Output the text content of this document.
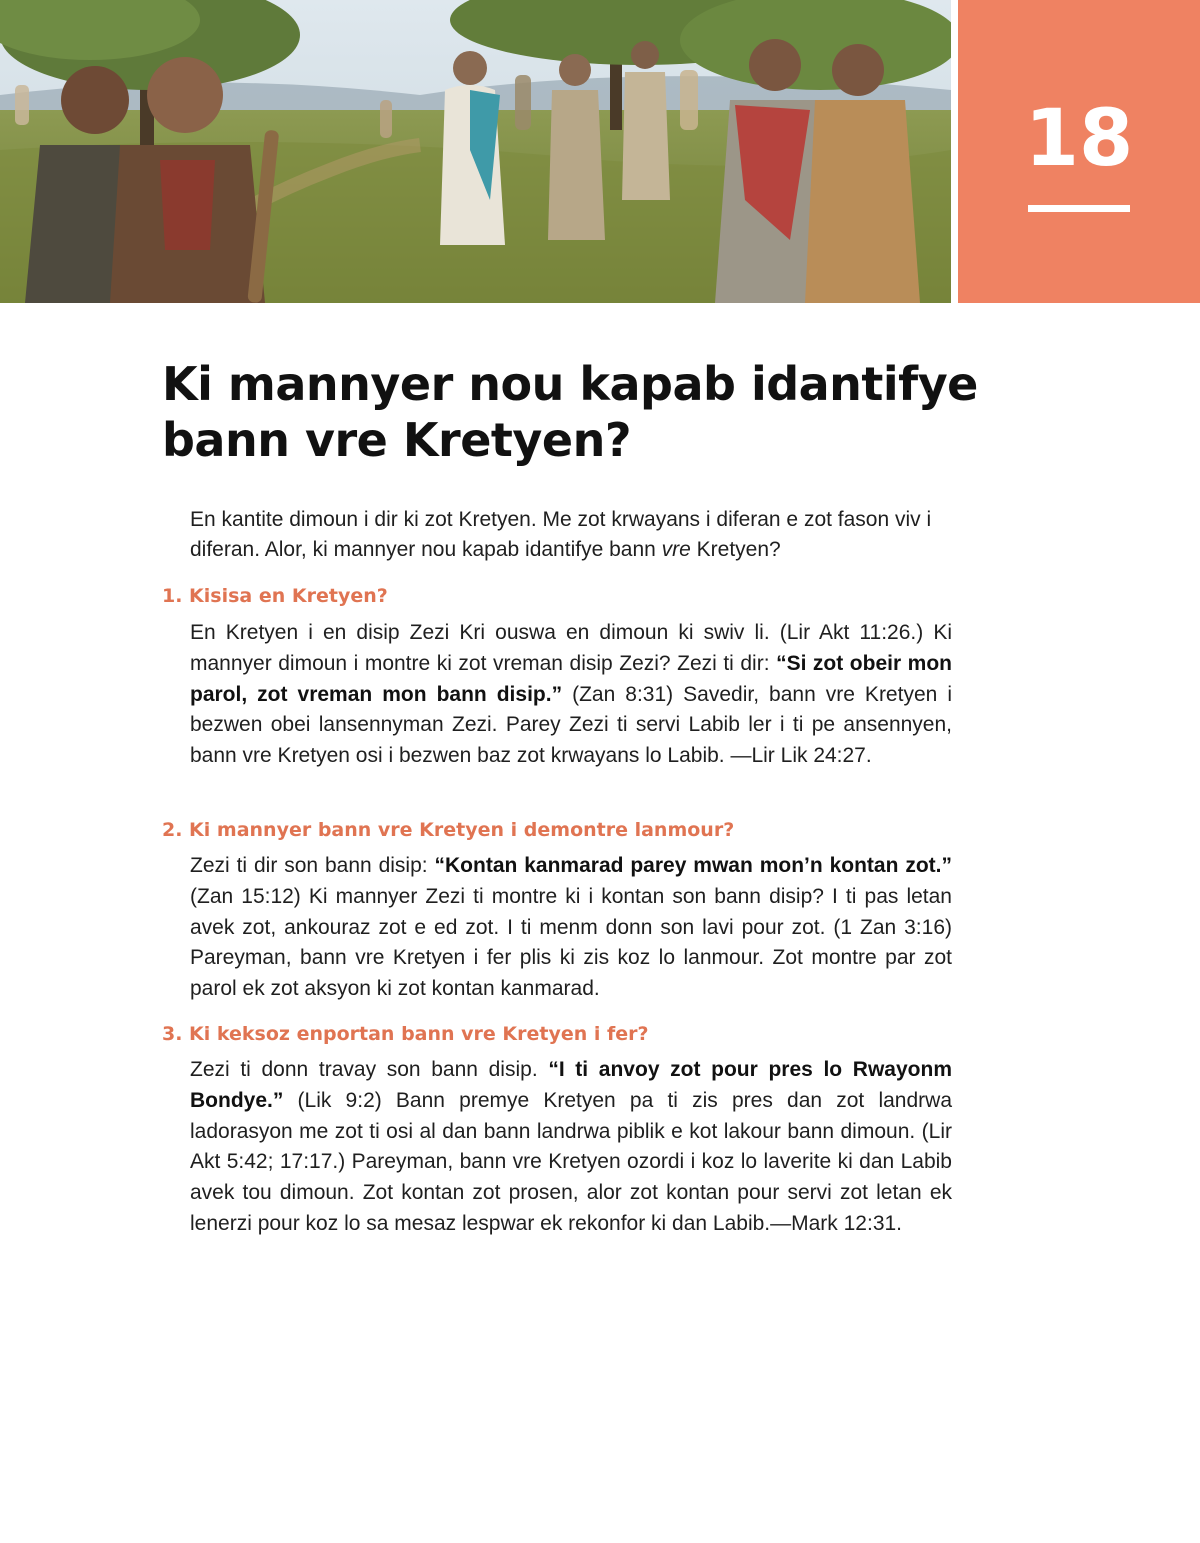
18
Ki mannyer nou kapab idantifye bann vre Kretyen?

En kantite dimoun i dir ki zot Kretyen. Me zot krwayans i diferan e zot fason viv i diferan. Alor, ki mannyer nou kapab idantifye bann vre Kretyen?

1. Kisisa en Kretyen?

En Kretyen i en disip Zezi Kri ouswa en dimoun ki swiv li. (Lir Akt 11:26.) Ki mannyer dimoun i montre ki zot vreman disip Zezi? Zezi ti dir: “Si zot obeir mon parol, zot vreman mon bann disip.” (Zan 8:31) Savedir, bann vre Kretyen i bezwen obei lansennyman Zezi. Parey Zezi ti servi Labib ler i ti pe ansennyen, bann vre Kretyen osi i bezwen baz zot krwayans lo Labib. —Lir Lik 24:27.

2. Ki mannyer bann vre Kretyen i demontre lanmour?

Zezi ti dir son bann disip: “Kontan kanmarad parey mwan mon’n kontan zot.” (Zan 15:12) Ki mannyer Zezi ti montre ki i kontan son bann disip? I ti pas letan avek zot, ankouraz zot e ed zot. I ti menm donn son lavi pour zot. (1 Zan 3:16) Pareyman, bann vre Kretyen i fer plis ki zis koz lo lanmour. Zot montre par zot parol ek zot aksyon ki zot kontan kanmarad.

3. Ki keksoz enportan bann vre Kretyen i fer?

Zezi ti donn travay son bann disip. “I ti anvoy zot pour pres lo Rwayonm Bondye.” (Lik 9:2) Bann premye Kretyen pa ti zis pres dan zot landrwa ladorasyon me zot ti osi al dan bann landrwa piblik e kot lakour bann dimoun. (Lir Akt 5:42; 17:17.) Pareyman, bann vre Kretyen ozordi i koz lo laverite ki dan Labib avek tou dimoun. Zot kontan zot prosen, alor zot kontan pour servi zot letan ek lenerzi pour koz lo sa mesaz lespwar ek rekonfor ki dan Labib.—Mark 12:31.
